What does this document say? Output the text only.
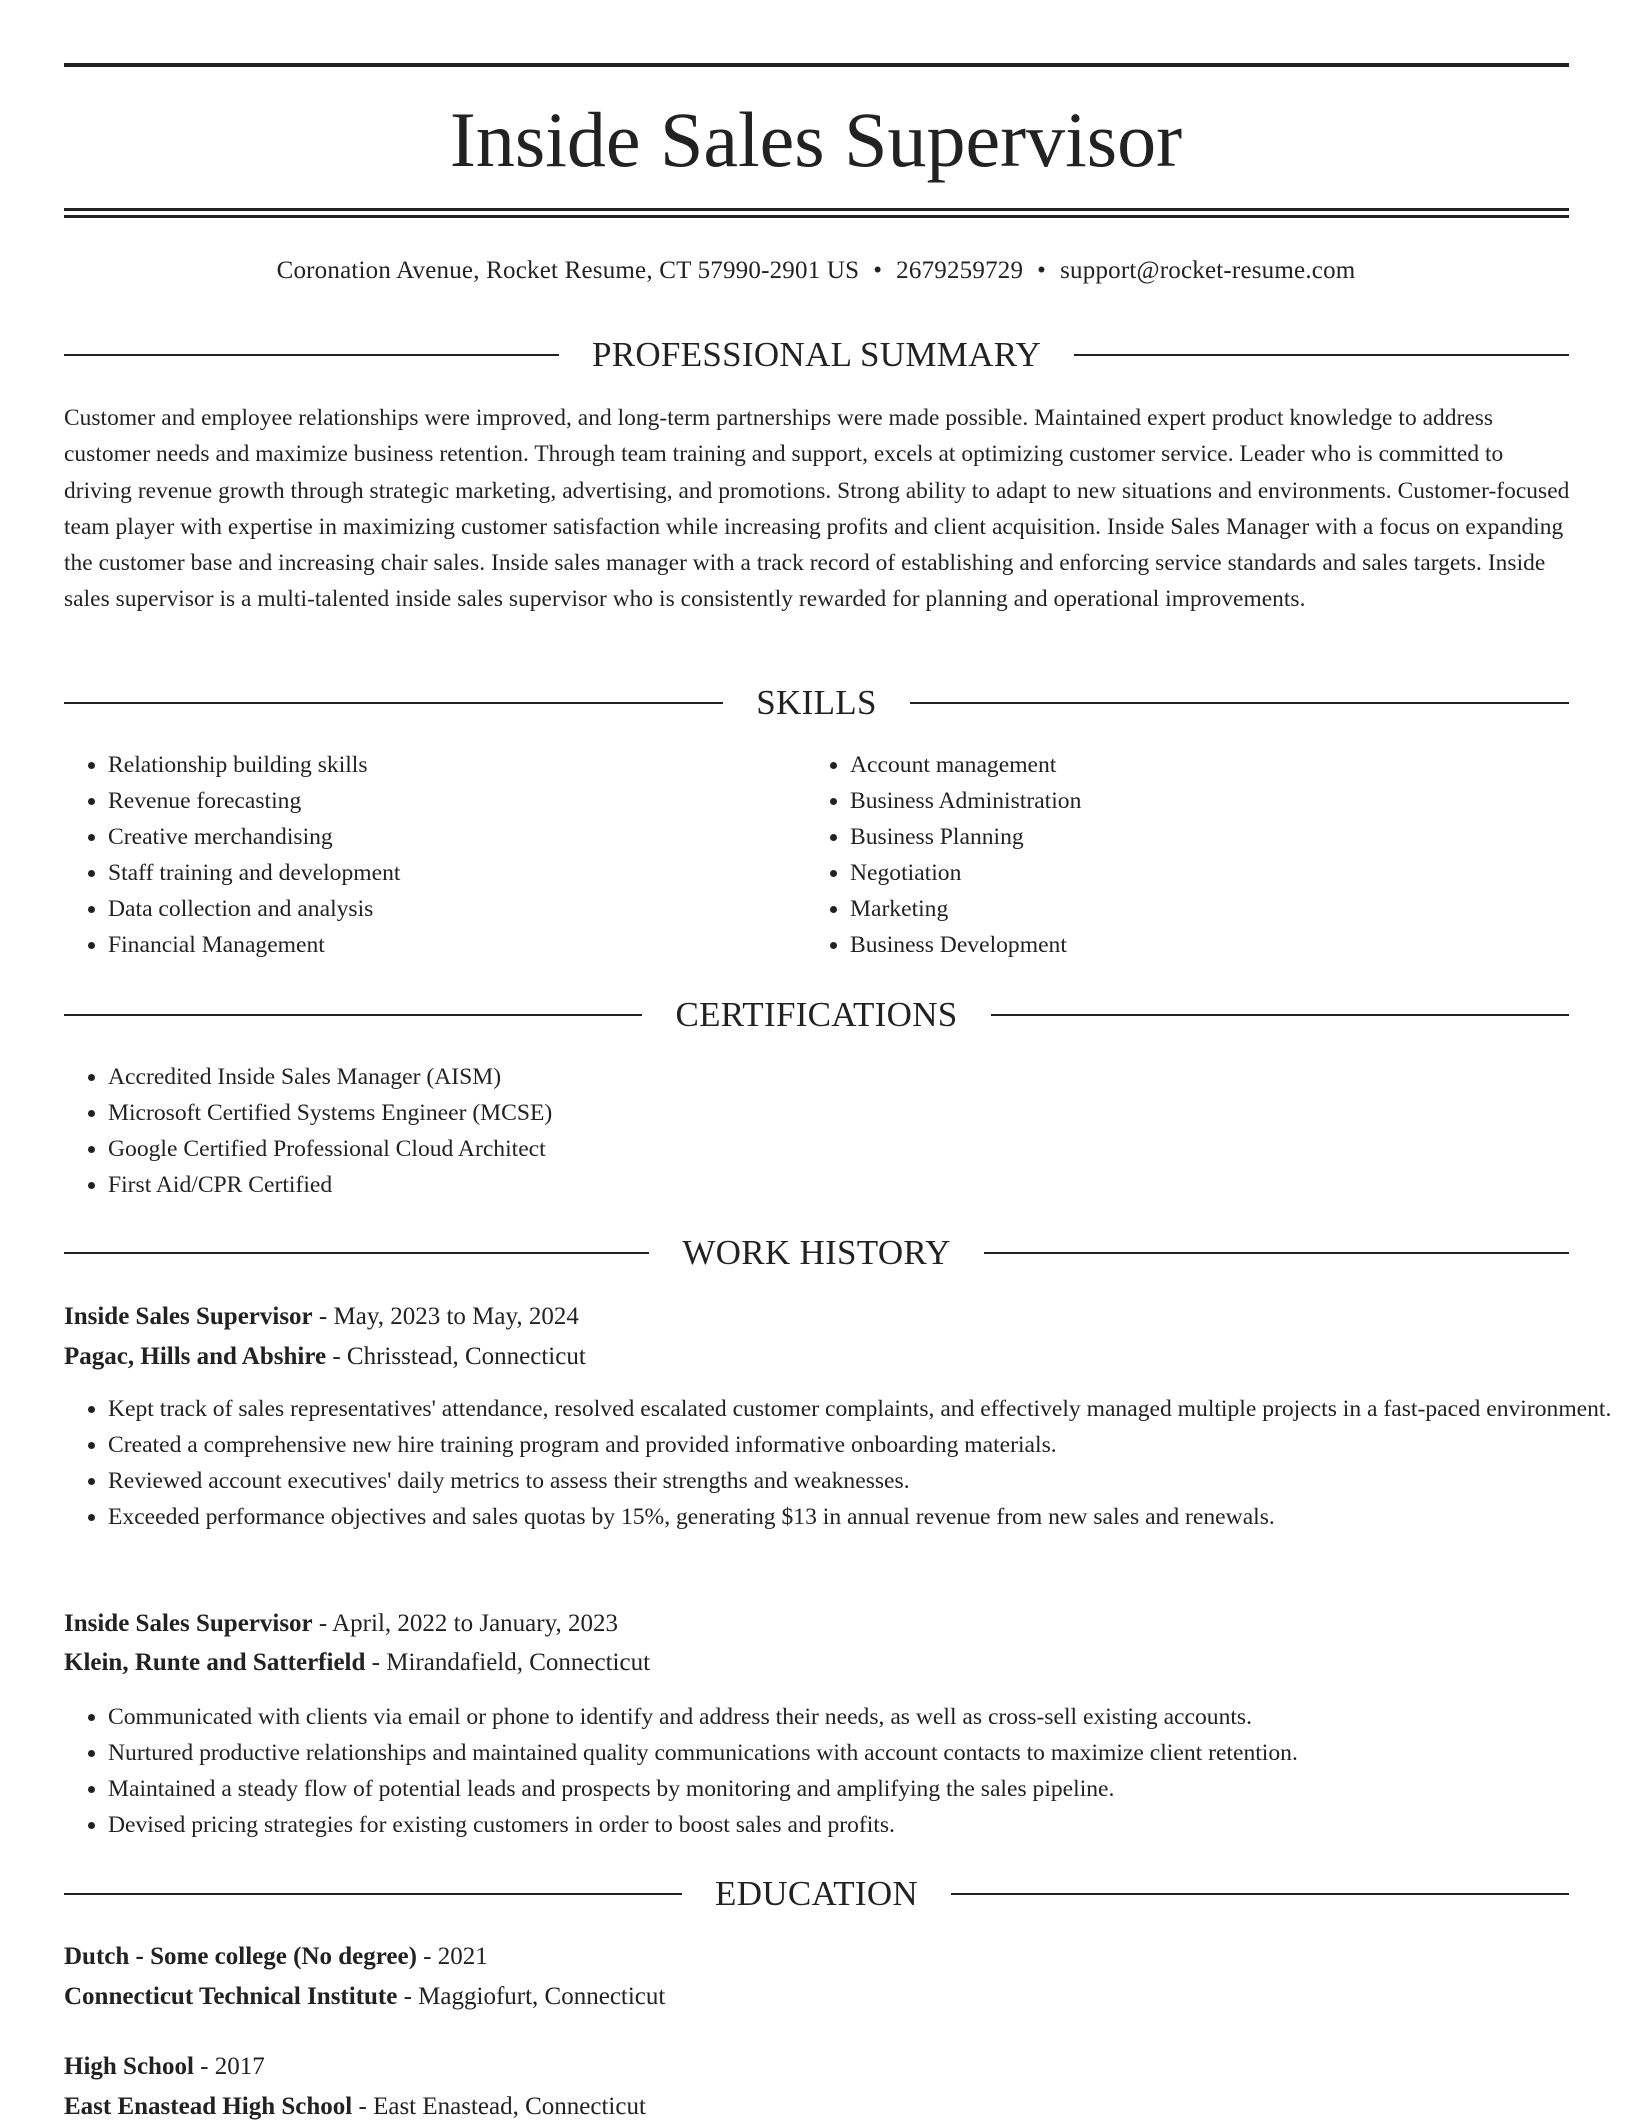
Inside Sales Supervisor
Coronation Avenue, Rocket Resume, CT 57990-2901 US • 2679259729 • support@rocket-resume.com
PROFESSIONAL SUMMARY

Customer and employee relationships were improved, and long-term partnerships were made possible. Maintained expert product knowledge to address customer needs and maximize business retention. Through team training and support, excels at optimizing customer service. Leader who is committed to driving revenue growth through strategic marketing, advertising, and promotions. Strong ability to adapt to new situations and environments. Customer-focused team player with expertise in maximizing customer satisfaction while increasing profits and client acquisition. Inside Sales Manager with a focus on expanding the customer base and increasing chair sales. Inside sales manager with a track record of establishing and enforcing service standards and sales targets. Inside sales supervisor is a multi-talented inside sales supervisor who is consistently rewarded for planning and operational improvements.

SKILLS
• Relationship building skills
• Revenue forecasting
• Creative merchandising
• Staff training and development
• Data collection and analysis
• Financial Management
• Account management
• Business Administration
• Business Planning
• Negotiation
• Marketing
• Business Development
CERTIFICATIONS
• Accredited Inside Sales Manager (AISM)
• Microsoft Certified Systems Engineer (MCSE)
• Google Certified Professional Cloud Architect
• First Aid/CPR Certified
WORK HISTORY
Inside Sales Supervisor - May, 2023 to May, 2024
Pagac, Hills and Abshire - Chrisstead, Connecticut
• Kept track of sales representatives' attendance, resolved escalated customer complaints, and effectively managed multiple projects in a fast-paced environment.
• Created a comprehensive new hire training program and provided informative onboarding materials.
• Reviewed account executives' daily metrics to assess their strengths and weaknesses.
• Exceeded performance objectives and sales quotas by 15%, generating $13 in annual revenue from new sales and renewals.
Inside Sales Supervisor - April, 2022 to January, 2023
Klein, Runte and Satterfield - Mirandafield, Connecticut
• Communicated with clients via email or phone to identify and address their needs, as well as cross-sell existing accounts.
• Nurtured productive relationships and maintained quality communications with account contacts to maximize client retention.
• Maintained a steady flow of potential leads and prospects by monitoring and amplifying the sales pipeline.
• Devised pricing strategies for existing customers in order to boost sales and profits.
EDUCATION
Dutch - Some college (No degree) - 2021
Connecticut Technical Institute - Maggiofurt, Connecticut
High School - 2017
East Enastead High School - East Enastead, Connecticut
